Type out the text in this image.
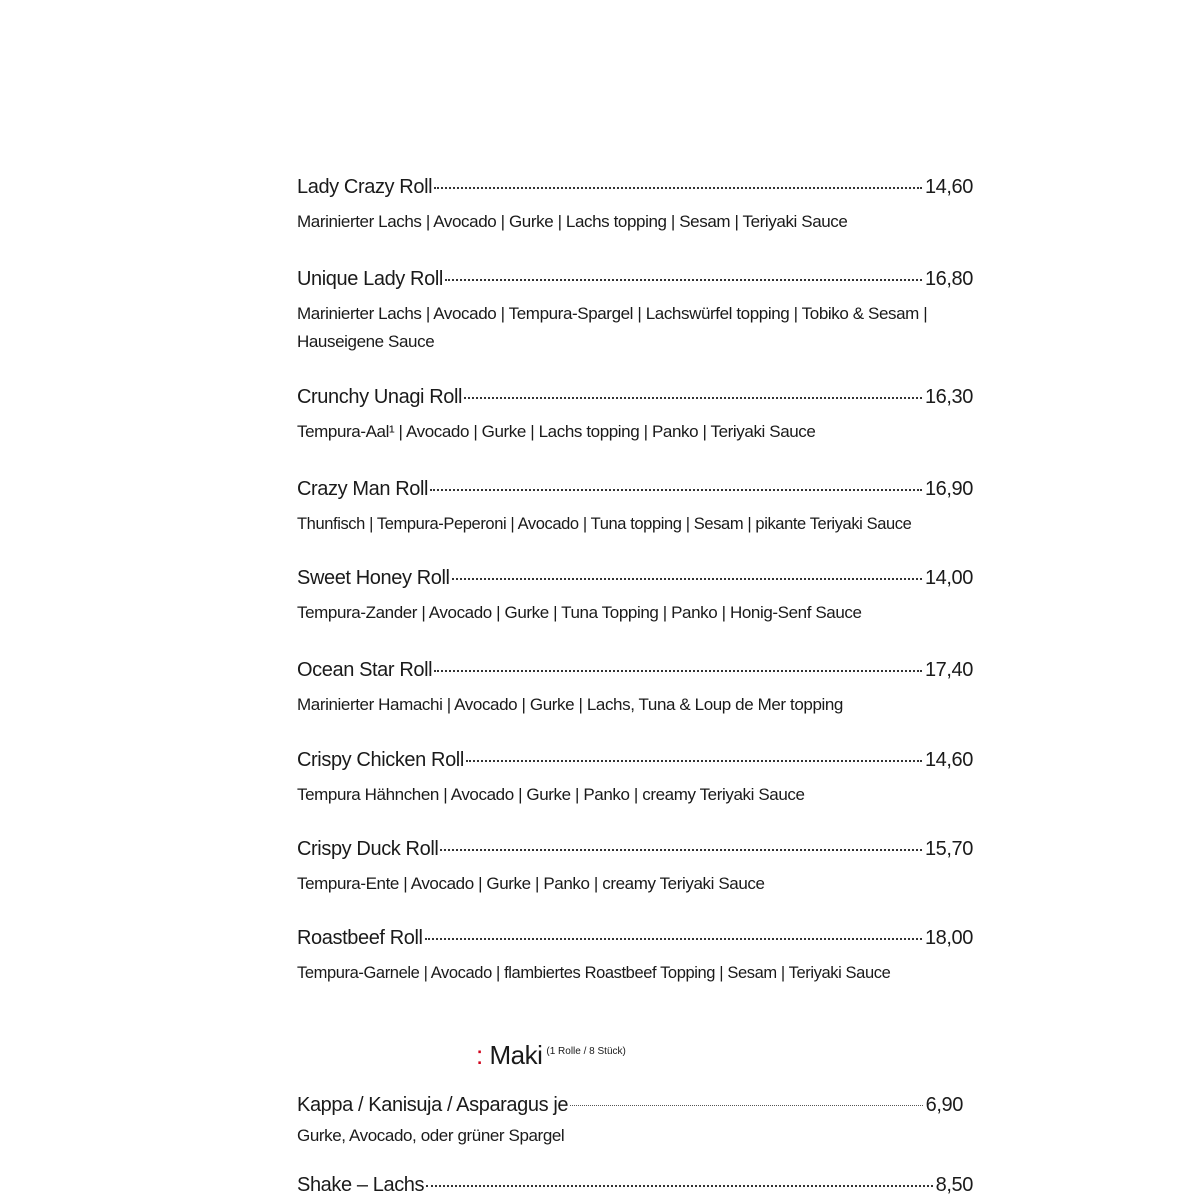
Lady Crazy Roll	14,60
Marinierter Lachs | Avocado | Gurke | Lachs topping | Sesam | Teriyaki Sauce
Unique Lady Roll	16,80
Marinierter Lachs | Avocado | Tempura-Spargel | Lachswürfel topping | Tobiko & Sesam | Hauseigene Sauce
Crunchy Unagi Roll	16,30
Tempura-Aal¹ | Avocado | Gurke | Lachs topping | Panko | Teriyaki Sauce
Crazy Man Roll	16,90
Thunfisch | Tempura-Peperoni | Avocado | Tuna topping | Sesam | pikante Teriyaki Sauce
Sweet Honey Roll	14,00
Tempura-Zander | Avocado | Gurke | Tuna Topping | Panko | Honig-Senf Sauce
Ocean Star Roll	17,40
Marinierter Hamachi | Avocado | Gurke | Lachs, Tuna & Loup de Mer topping
Crispy Chicken Roll	14,60
Tempura Hähnchen | Avocado | Gurke | Panko | creamy Teriyaki Sauce
Crispy Duck Roll	15,70
Tempura-Ente | Avocado | Gurke | Panko | creamy Teriyaki Sauce
Roastbeef Roll	18,00
Tempura-Garnele | Avocado | flambiertes Roastbeef Topping | Sesam | Teriyaki Sauce
: Maki $^{(1 Rolle / 8 Stück)}$
Kappa / Kanisuja / Asparagus je	6,90
Gurke, Avocado, oder grüner Spargel
Shake – Lachs	8,50
